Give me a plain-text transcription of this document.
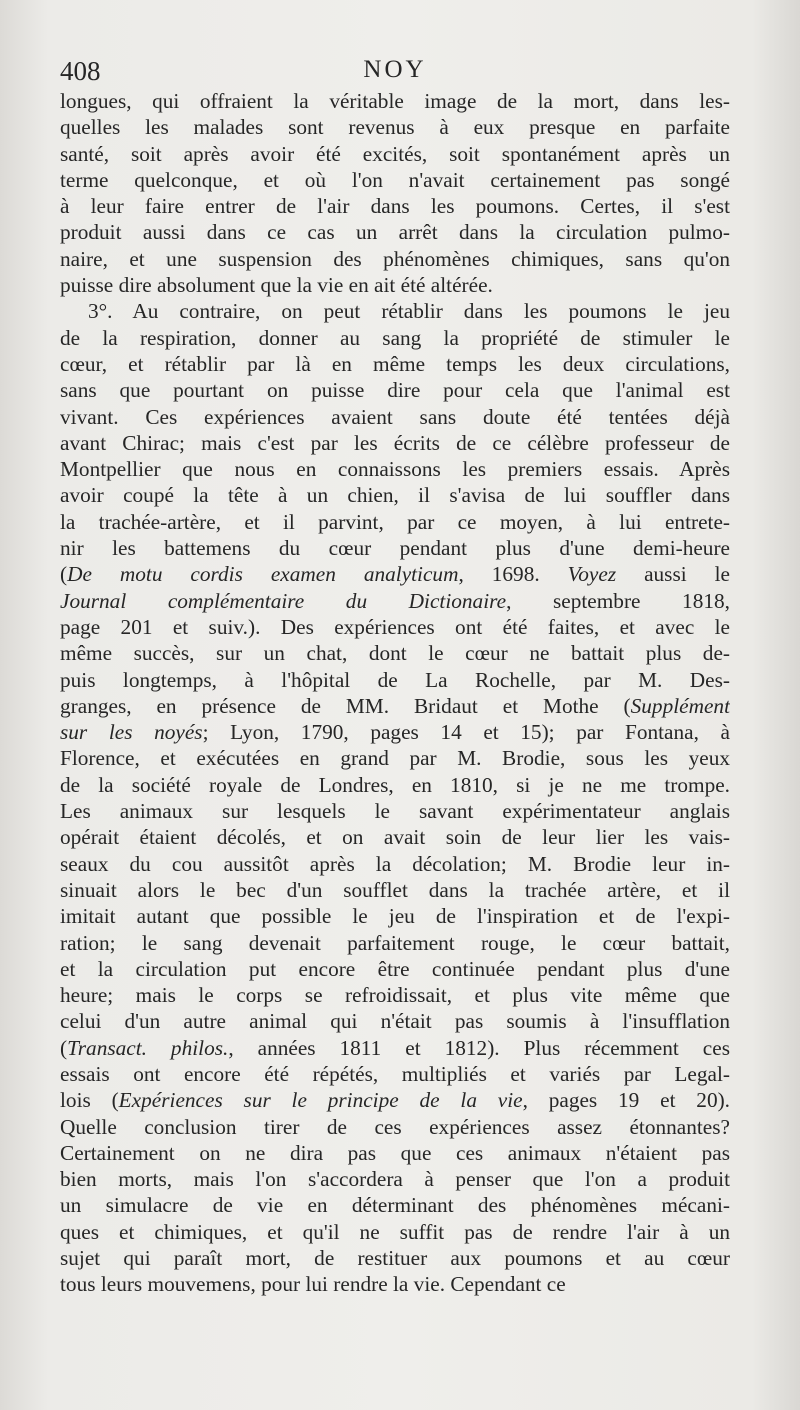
408	NOY
longues, qui offraient la véritable image de la mort, dans les-
quelles les malades sont revenus à eux presque en parfaite
santé, soit après avoir été excités, soit spontanément après un
terme quelconque, et où l'on n'avait certainement pas songé
à leur faire entrer de l'air dans les poumons. Certes, il s'est
produit aussi dans ce cas un arrêt dans la circulation pulmo-
naire, et une suspension des phénomènes chimiques, sans qu'on
puisse dire absolument que la vie en ait été altérée.
3°. Au contraire, on peut rétablir dans les poumons le jeu
de la respiration, donner au sang la propriété de stimuler le
cœur, et rétablir par là en même temps les deux circulations,
sans que pourtant on puisse dire pour cela que l'animal est
vivant. Ces expériences avaient sans doute été tentées déjà
avant Chirac; mais c'est par les écrits de ce célèbre professeur de
Montpellier que nous en connaissons les premiers essais. Après
avoir coupé la tête à un chien, il s'avisa de lui souffler dans
la trachée-artère, et il parvint, par ce moyen, à lui entrete-
nir les battemens du cœur pendant plus d'une demi-heure
(De motu cordis examen analyticum, 1698. Voyez aussi le
Journal complémentaire du Dictionaire, septembre 1818,
page 201 et suiv.). Des expériences ont été faites, et avec le
même succès, sur un chat, dont le cœur ne battait plus de-
puis longtemps, à l'hôpital de La Rochelle, par M. Des-
granges, en présence de MM. Bridaut et Mothe (Supplément
sur les noyés; Lyon, 1790, pages 14 et 15); par Fontana, à
Florence, et exécutées en grand par M. Brodie, sous les yeux
de la société royale de Londres, en 1810, si je ne me trompe.
Les animaux sur lesquels le savant expérimentateur anglais
opérait étaient décolés, et on avait soin de leur lier les vais-
seaux du cou aussitôt après la décolation; M. Brodie leur in-
sinuait alors le bec d'un soufflet dans la trachée artère, et il
imitait autant que possible le jeu de l'inspiration et de l'expi-
ration; le sang devenait parfaitement rouge, le cœur battait,
et la circulation put encore être continuée pendant plus d'une
heure; mais le corps se refroidissait, et plus vite même que
celui d'un autre animal qui n'était pas soumis à l'insufflation
(Transact. philos., années 1811 et 1812). Plus récemment ces
essais ont encore été répétés, multipliés et variés par Legal-
lois (Expériences sur le principe de la vie, pages 19 et 20).
Quelle conclusion tirer de ces expériences assez étonnantes?
Certainement on ne dira pas que ces animaux n'étaient pas
bien morts, mais l'on s'accordera à penser que l'on a produit
un simulacre de vie en déterminant des phénomènes mécani-
ques et chimiques, et qu'il ne suffit pas de rendre l'air à un
sujet qui paraît mort, de restituer aux poumons et au cœur
tous leurs mouvemens, pour lui rendre la vie. Cependant ce
